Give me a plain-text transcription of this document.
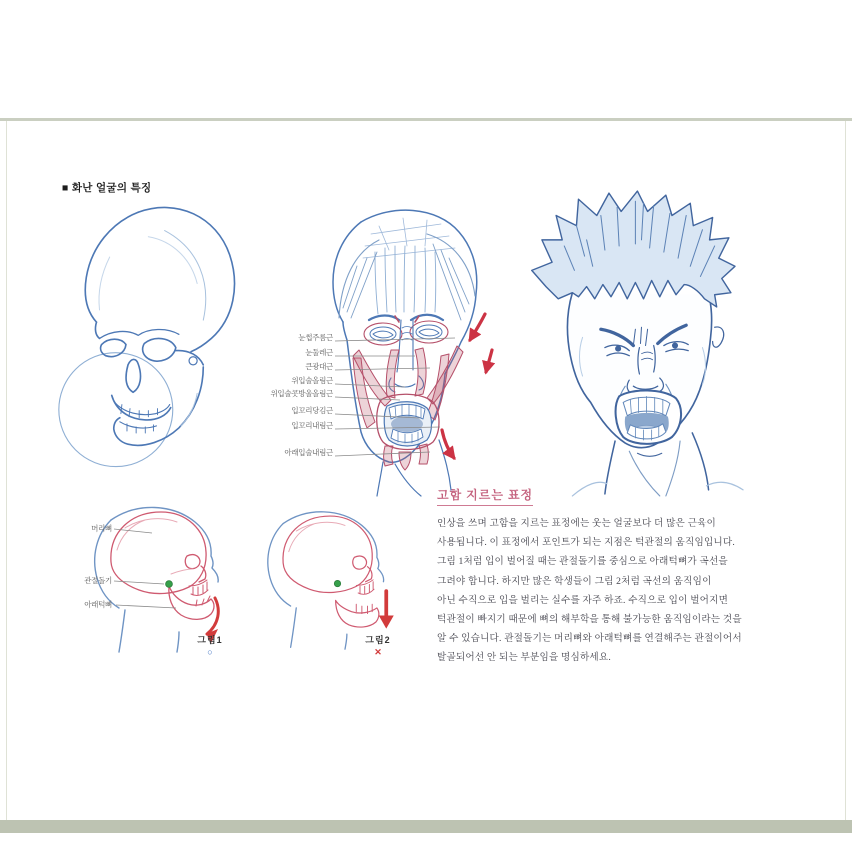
■ 화난 얼굴의 특징
눈썹주름근
눈둘레근
큰광대근
위입술올림근
위입술콧방울올림근
입꼬리당김근
입꼬리내림근
아래입술내림근
머리뼈
관절돌기
아래턱뼈
그림1
○
그림2
✕
고함 지르는 표정
인상을 쓰며 고함을 지르는 표정에는 웃는 얼굴보다 더 많은 근육이
사용됩니다. 이 표정에서 포인트가 되는 지점은 턱관절의 움직임입니다.
그림 1처럼 입이 벌어질 때는 관절돌기를 중심으로 아래턱뼈가 곡선을
그려야 합니다. 하지만 많은 학생들이 그림 2처럼 곡선의 움직임이
아닌 수직으로 입을 벌리는 실수를 자주 하죠. 수직으로 입이 벌어지면
턱관절이 빠지기 때문에 뼈의 해부학을 통해 불가능한 움직임이라는 것을
알 수 있습니다. 관절돌기는 머리뼈와 아래턱뼈를 연결해주는 관절이어서
탈골되어선 안 되는 부분임을 명심하세요.
